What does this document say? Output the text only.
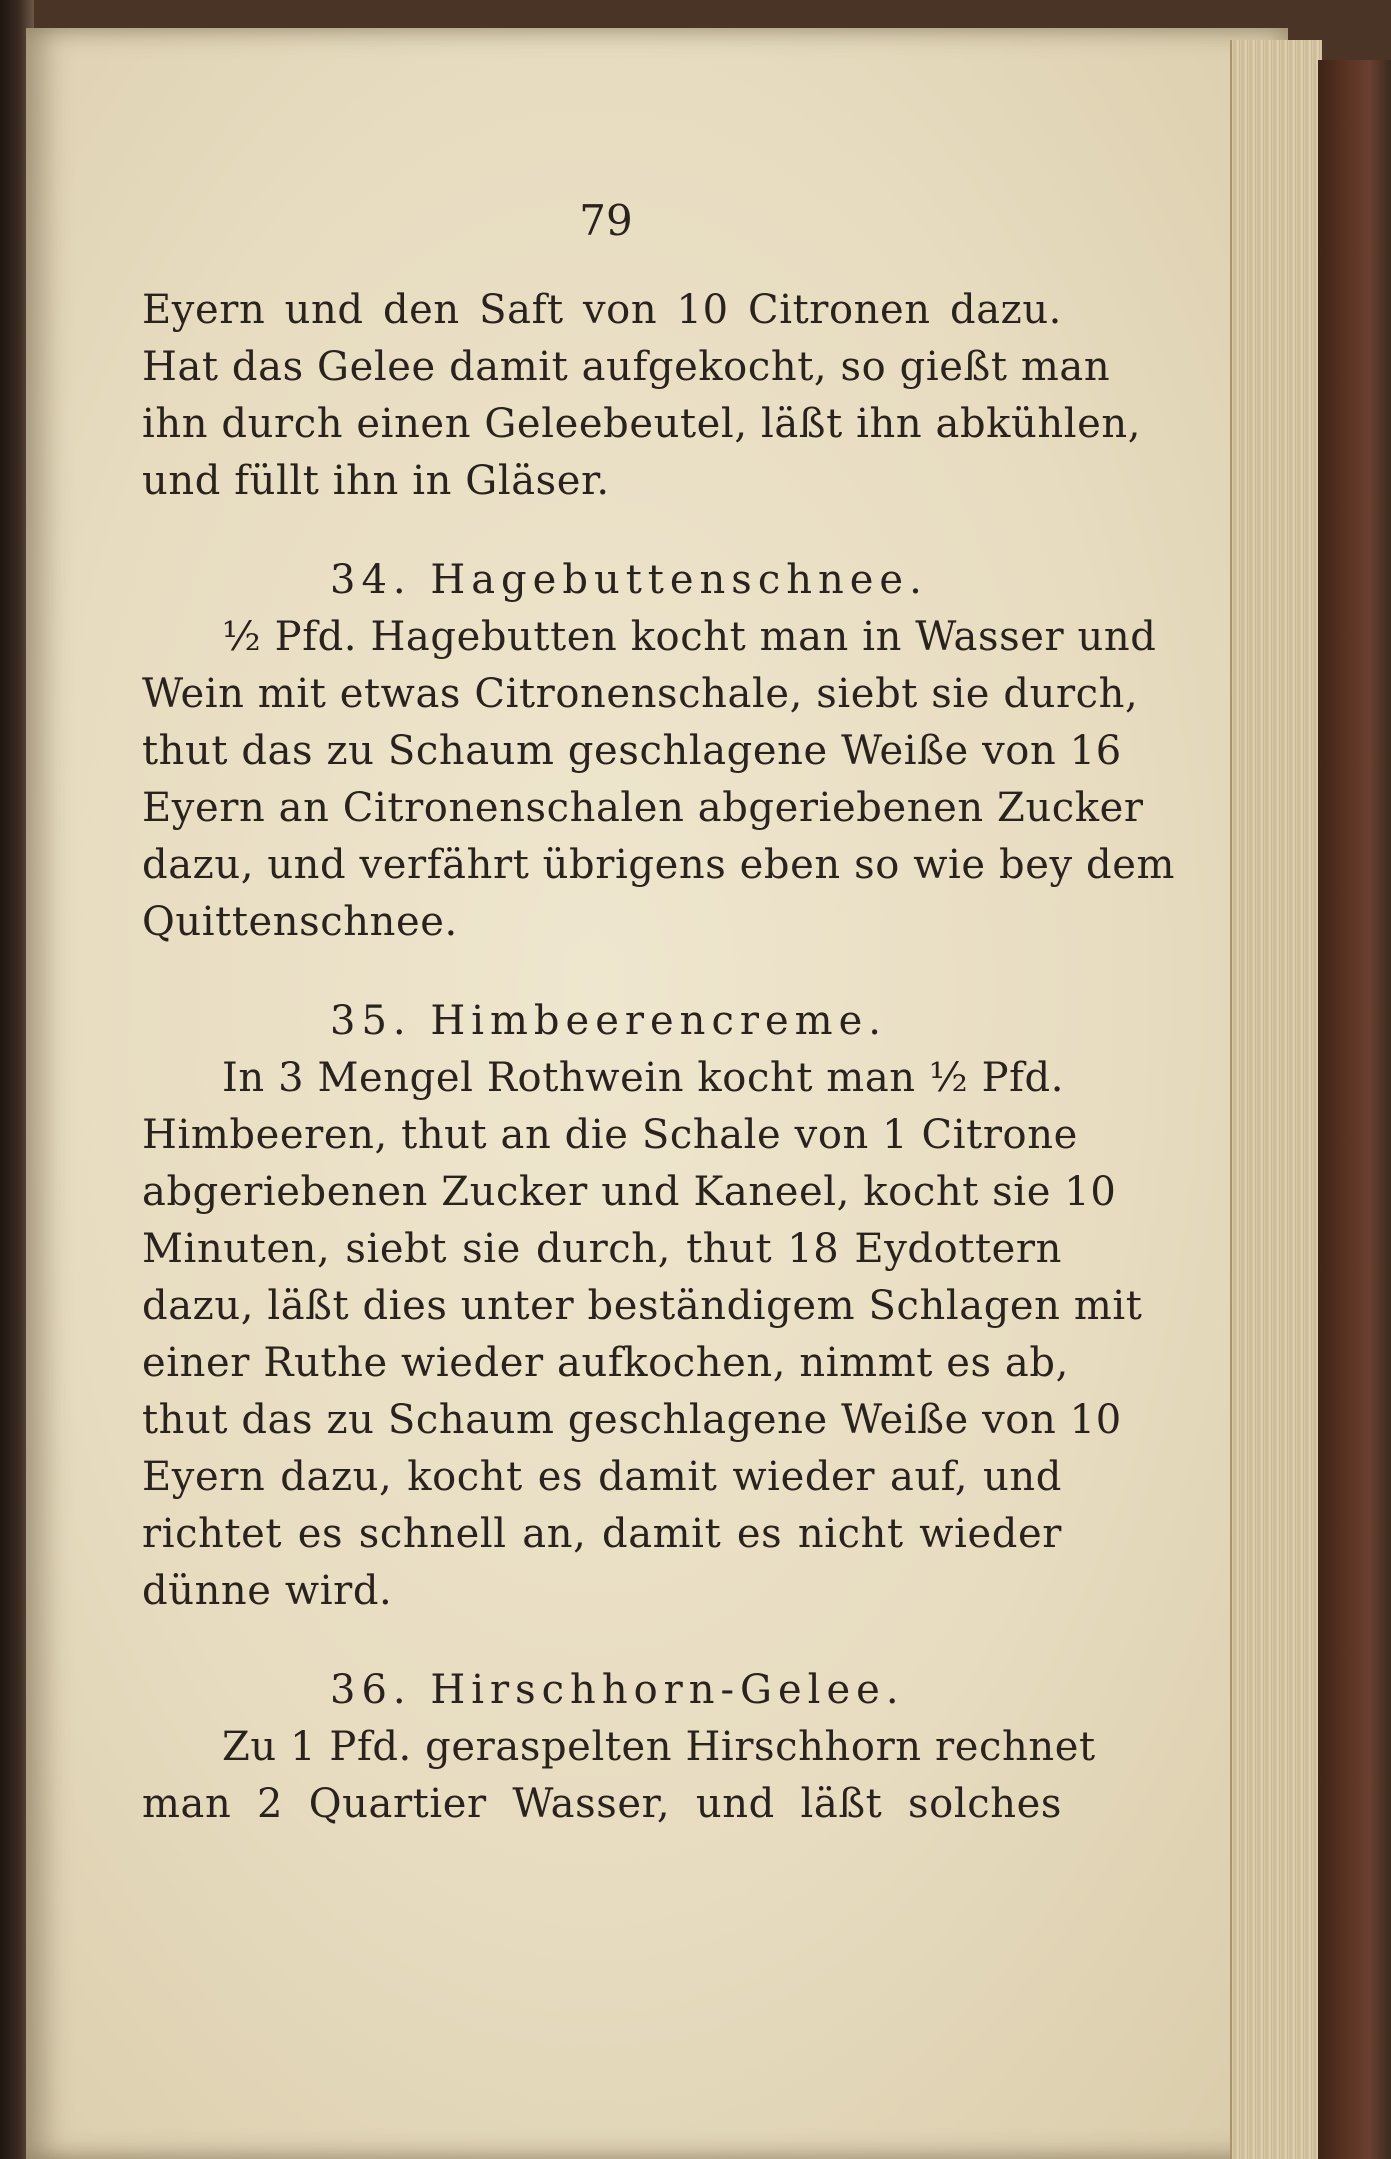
79
Eyern und den Saft von 10 Citronen dazu.
Hat das Gelee damit aufgekocht, so gießt man
ihn durch einen Geleebeutel, läßt ihn abkühlen,
und füllt ihn in Gläser.
34. Hagebuttenschnee.
½ Pfd. Hagebutten kocht man in Wasser und
Wein mit etwas Citronenschale, siebt sie durch,
thut das zu Schaum geschlagene Weiße von 16
Eyern an Citronenschalen abgeriebenen Zucker
dazu, und verfährt übrigens eben so wie bey dem
Quittenschnee.
35. Himbeerencreme.
In 3 Mengel Rothwein kocht man ½ Pfd.
Himbeeren, thut an die Schale von 1 Citrone
abgeriebenen Zucker und Kaneel, kocht sie 10
Minuten, siebt sie durch, thut 18 Eydottern
dazu, läßt dies unter beständigem Schlagen mit
einer Ruthe wieder aufkochen, nimmt es ab,
thut das zu Schaum geschlagene Weiße von 10
Eyern dazu, kocht es damit wieder auf, und
richtet es schnell an, damit es nicht wieder
dünne wird.
36. Hirschhorn-Gelee.
Zu 1 Pfd. geraspelten Hirschhorn rechnet
man 2 Quartier Wasser, und läßt solches
